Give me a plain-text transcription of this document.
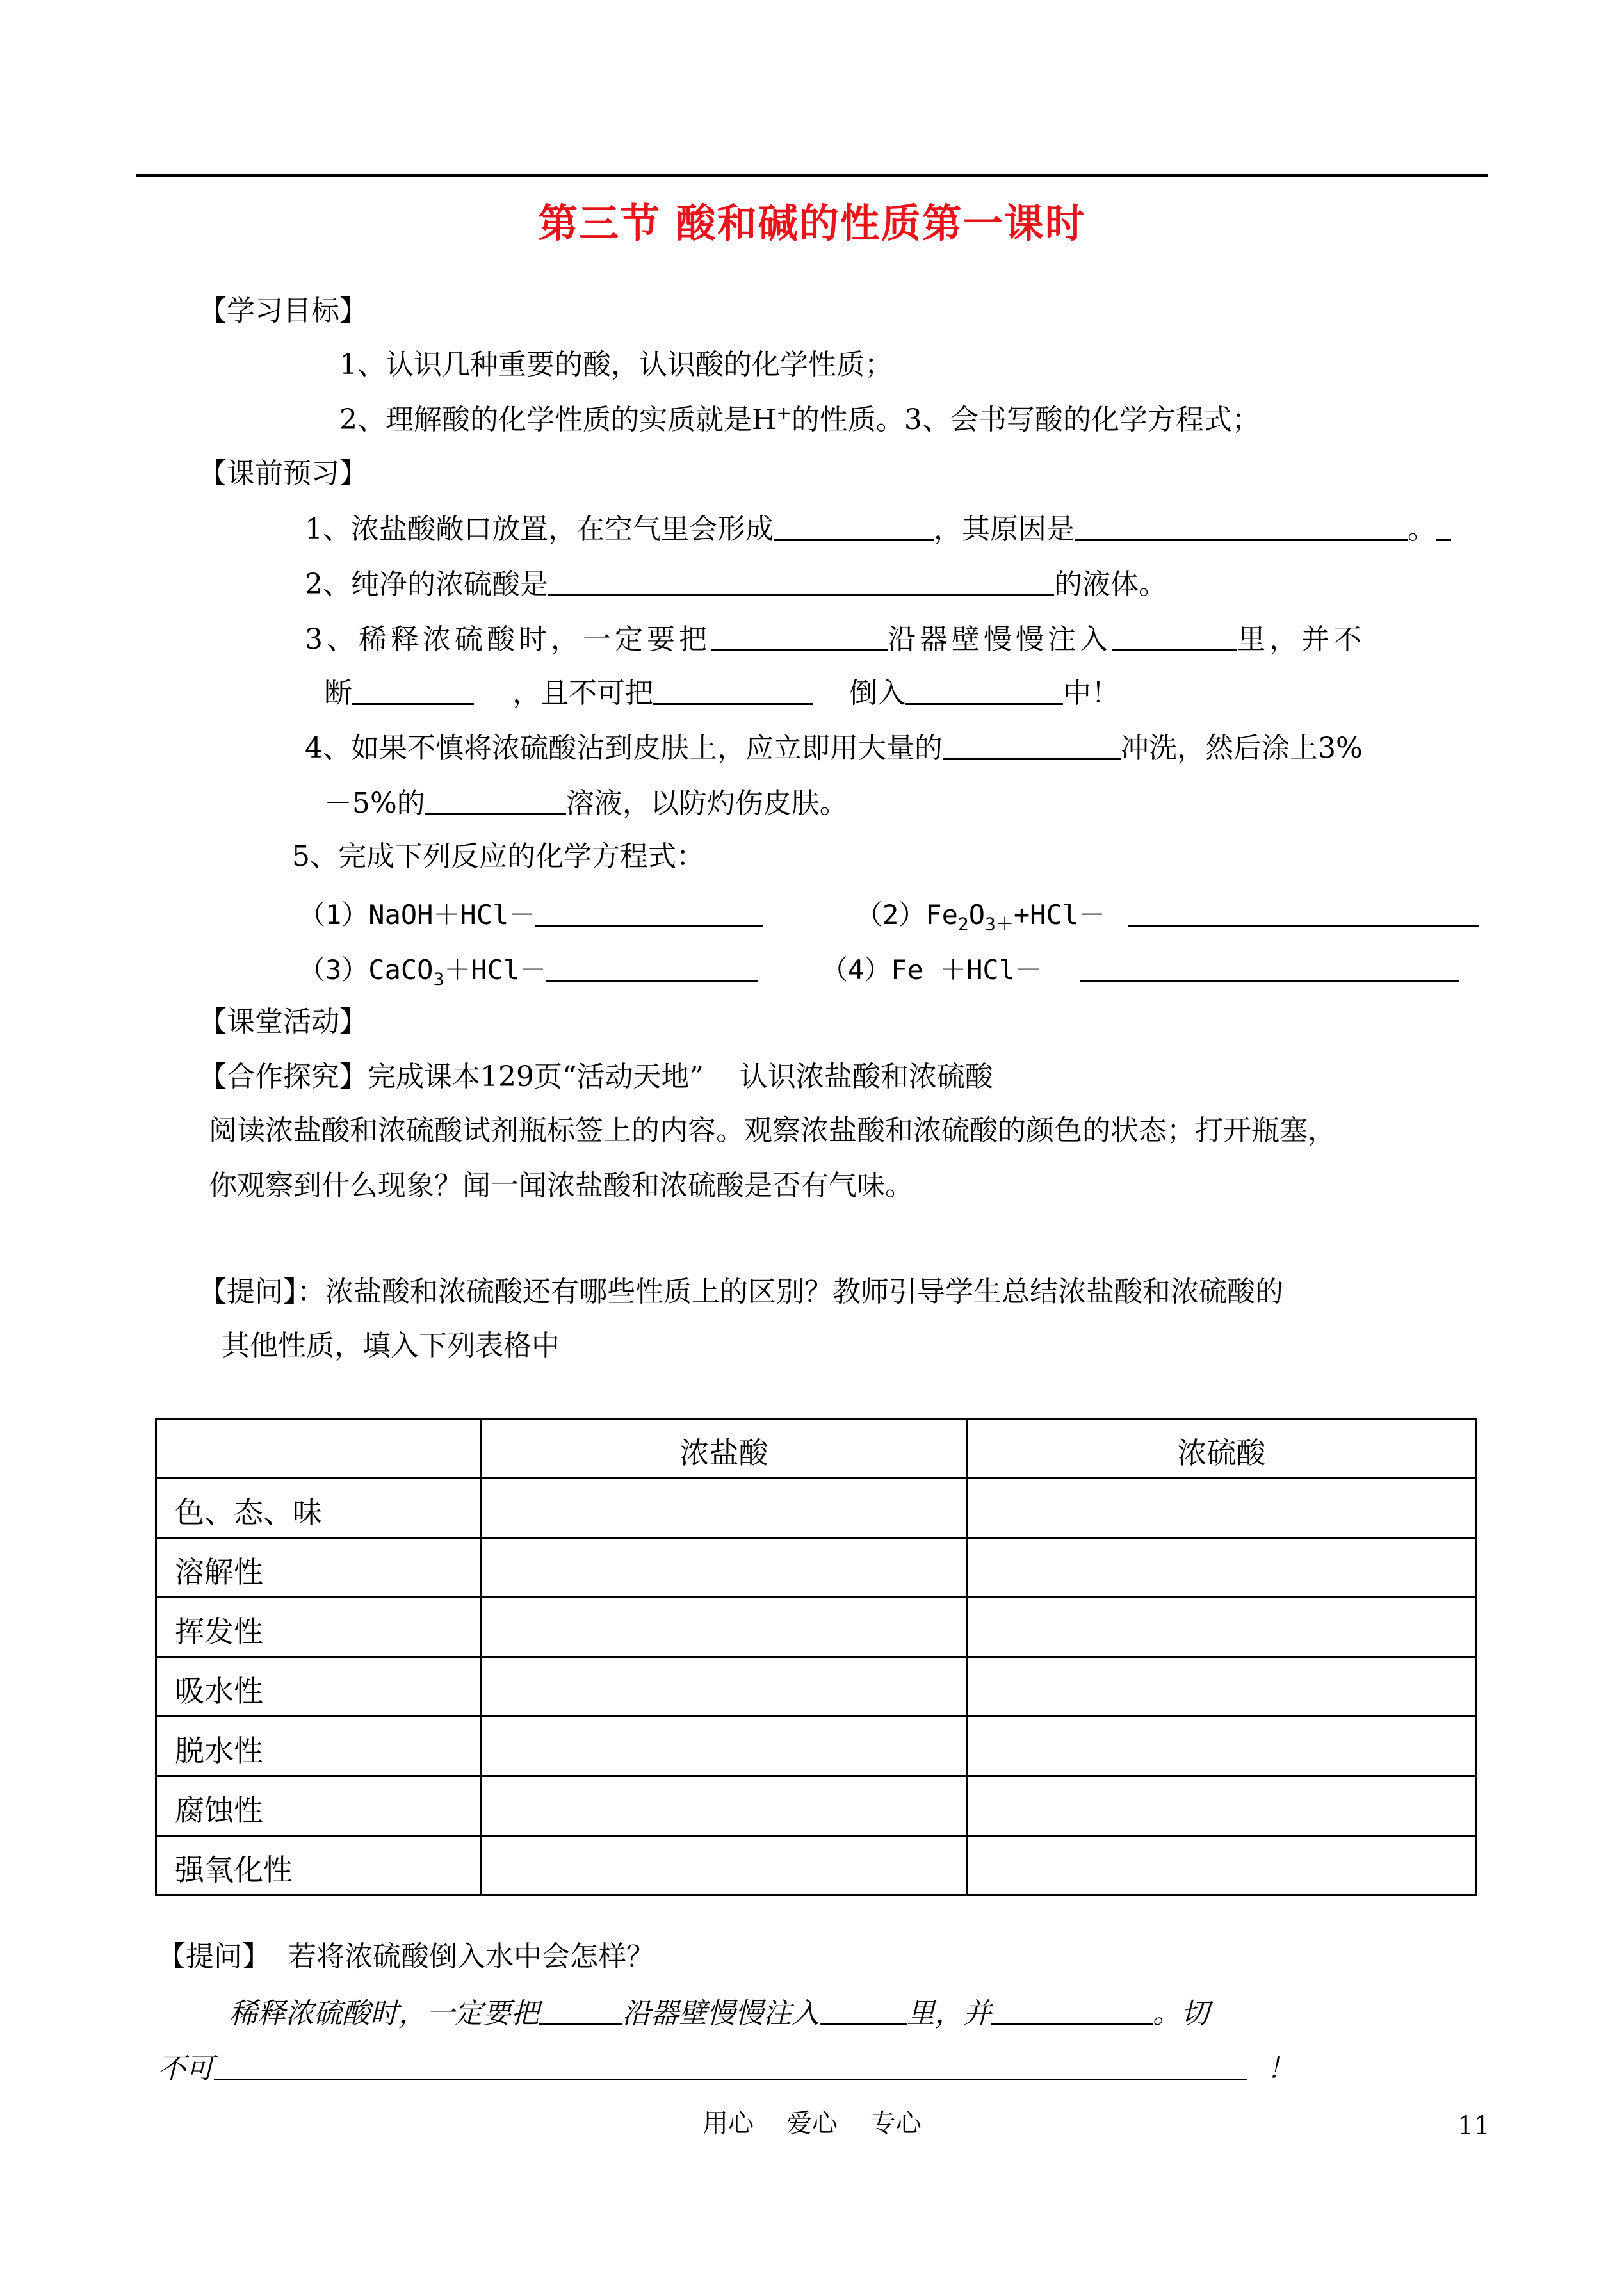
第三节 酸和碱的性质第一课时
【学习目标】
1、认识几种重要的酸，认识酸的化学性质；
2、理解酸的化学性质的实质就是H+的性质。3、会书写酸的化学方程式；
【课前预习】
1、浓盐酸敞口放置，在空气里会形成	，其原因是	。
2、纯净的浓硫酸是	的液体。
3、稀释浓硫酸时，一定要把	沿器壁慢慢注入	里，并不
断	，且不可把	倒入	中！
4、如果不慎将浓硫酸沾到皮肤上，应立即用大量的	冲洗，然后涂上3%
－5%的	溶液，以防灼伤皮肤。
5、完成下列反应的化学方程式：
（1）NaOH＋HCl－	$(2)Fe_2O_{3+}+HCl-$
（3）CaCO$_3$＋HCl－	（4）Fe ＋HCl－
【课堂活动】
【合作探究】完成课本129页“活动天地”    认识浓盐酸和浓硫酸
阅读浓盐酸和浓硫酸试剂瓶标签上的内容。观察浓盐酸和浓硫酸的颜色的状态；打开瓶塞，
你观察到什么现象？闻一闻浓盐酸和浓硫酸是否有气味。
【提问】：浓盐酸和浓硫酸还有哪些性质上的区别？教师引导学生总结浓盐酸和浓硫酸的
其他性质，填入下列表格中
	浓盐酸	浓硫酸
色、态、味		
溶解性		
挥发性		
吸水性		
脱水性		
腐蚀性		
强氧化性		
【提问】  若将浓硫酸倒入水中会怎样？
稀释浓硫酸时，一定要把	沿器壁慢慢注入	里，并	。切
不可	！
用心    爱心    专心	11
